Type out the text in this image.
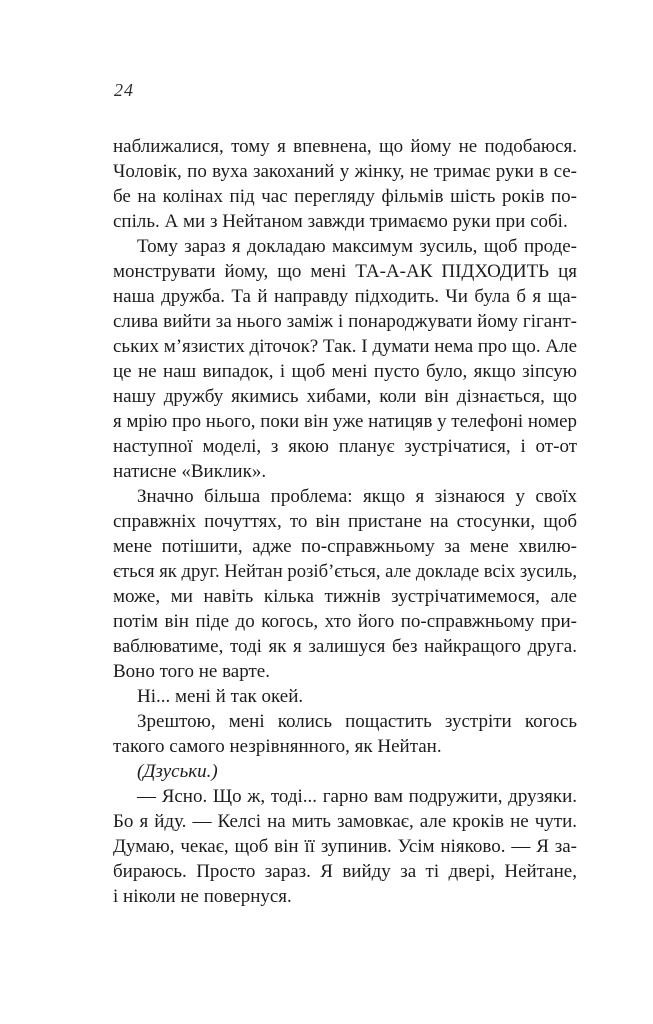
24
наближалися, тому я впевнена, що йому не подобаюся.
Чоловік, по вуха закоханий у жінку, не тримає руки в се-
бе на колінах під час перегляду фільмів шість років по-
спіль. А ми з Нейтаном завжди тримаємо руки при собі.
Тому зараз я докладаю максимум зусиль, щоб проде-
монструвати йому, що мені ТА-А-АК ПІДХОДИТЬ ця
наша дружба. Та й направду підходить. Чи була б я ща-
слива вийти за нього заміж і понароджувати йому гігант-
ських м’язистих діточок? Так. І думати нема про що. Але
це не наш випадок, і щоб мені пусто було, якщо зіпсую
нашу дружбу якимись хибами, коли він дізнається, що
я мрію про нього, поки він уже натицяв у телефоні номер
наступної моделі, з якою планує зустрічатися, і от-от
натисне «Виклик».
Значно більша проблема: якщо я зізнаюся у своїх
справжніх почуттях, то він пристане на стосунки, щоб
мене потішити, адже по-справжньому за мене хвилю-
ється як друг. Нейтан розіб’ється, але докладе всіх зусиль,
може, ми навіть кілька тижнів зустрічатимемося, але
потім він піде до когось, хто його по-справжньому при-
ваблюватиме, тоді як я залишуся без найкращого друга.
Воно того не варте.
Ні... мені й так окей.
Зрештою, мені колись пощастить зустріти когось
такого самого незрівнянного, як Нейтан.
(Дзуськи.)
— Ясно. Що ж, тоді... гарно вам подружити, друзяки.
Бо я йду. — Келсі на мить замовкає, але кроків не чути.
Думаю, чекає, щоб він її зупинив. Усім ніяково. — Я за-
бираюсь. Просто зараз. Я вийду за ті двері, Нейтане,
і ніколи не повернуся.
